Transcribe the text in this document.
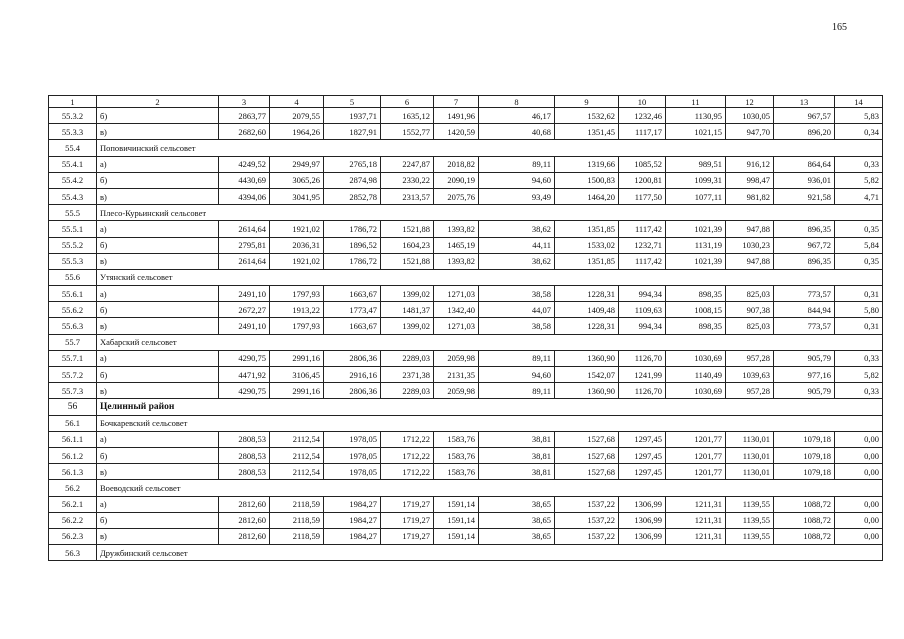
165
1	2	3	4	5	6	7	8	9	10	11	12	13	14
55.3.2	б)	2863,77	2079,55	1937,71	1635,12	1491,96	46,17	1532,62	1232,46	1130,95	1030,05	967,57	5,83
55.3.3	в)	2682,60	1964,26	1827,91	1552,77	1420,59	40,68	1351,45	1117,17	1021,15	947,70	896,20	0,34
55.4	Поповичинский сельсовет												
55.4.1	а)	4249,52	2949,97	2765,18	2247,87	2018,82	89,11	1319,66	1085,52	989,51	916,12	864,64	0,33
55.4.2	б)	4430,69	3065,26	2874,98	2330,22	2090,19	94,60	1500,83	1200,81	1099,31	998,47	936,01	5,82
55.4.3	в)	4394,06	3041,95	2852,78	2313,57	2075,76	93,49	1464,20	1177,50	1077,11	981,82	921,58	4,71
55.5	Плесо-Курьинский сельсовет												
55.5.1	а)	2614,64	1921,02	1786,72	1521,88	1393,82	38,62	1351,85	1117,42	1021,39	947,88	896,35	0,35
55.5.2	б)	2795,81	2036,31	1896,52	1604,23	1465,19	44,11	1533,02	1232,71	1131,19	1030,23	967,72	5,84
55.5.3	в)	2614,64	1921,02	1786,72	1521,88	1393,82	38,62	1351,85	1117,42	1021,39	947,88	896,35	0,35
55.6	Утянский сельсовет												
55.6.1	а)	2491,10	1797,93	1663,67	1399,02	1271,03	38,58	1228,31	994,34	898,35	825,03	773,57	0,31
55.6.2	б)	2672,27	1913,22	1773,47	1481,37	1342,40	44,07	1409,48	1109,63	1008,15	907,38	844,94	5,80
55.6.3	в)	2491,10	1797,93	1663,67	1399,02	1271,03	38,58	1228,31	994,34	898,35	825,03	773,57	0,31
55.7	Хабарский сельсовет												
55.7.1	а)	4290,75	2991,16	2806,36	2289,03	2059,98	89,11	1360,90	1126,70	1030,69	957,28	905,79	0,33
55.7.2	б)	4471,92	3106,45	2916,16	2371,38	2131,35	94,60	1542,07	1241,99	1140,49	1039,63	977,16	5,82
55.7.3	в)	4290,75	2991,16	2806,36	2289,03	2059,98	89,11	1360,90	1126,70	1030,69	957,28	905,79	0,33
56	Целинный район												
56.1	Бочкаревский сельсовет												
56.1.1	а)	2808,53	2112,54	1978,05	1712,22	1583,76	38,81	1527,68	1297,45	1201,77	1130,01	1079,18	0,00
56.1.2	б)	2808,53	2112,54	1978,05	1712,22	1583,76	38,81	1527,68	1297,45	1201,77	1130,01	1079,18	0,00
56.1.3	в)	2808,53	2112,54	1978,05	1712,22	1583,76	38,81	1527,68	1297,45	1201,77	1130,01	1079,18	0,00
56.2	Воеводский сельсовет												
56.2.1	а)	2812,60	2118,59	1984,27	1719,27	1591,14	38,65	1537,22	1306,99	1211,31	1139,55	1088,72	0,00
56.2.2	б)	2812,60	2118,59	1984,27	1719,27	1591,14	38,65	1537,22	1306,99	1211,31	1139,55	1088,72	0,00
56.2.3	в)	2812,60	2118,59	1984,27	1719,27	1591,14	38,65	1537,22	1306,99	1211,31	1139,55	1088,72	0,00
56.3	Дружбинский сельсовет												
